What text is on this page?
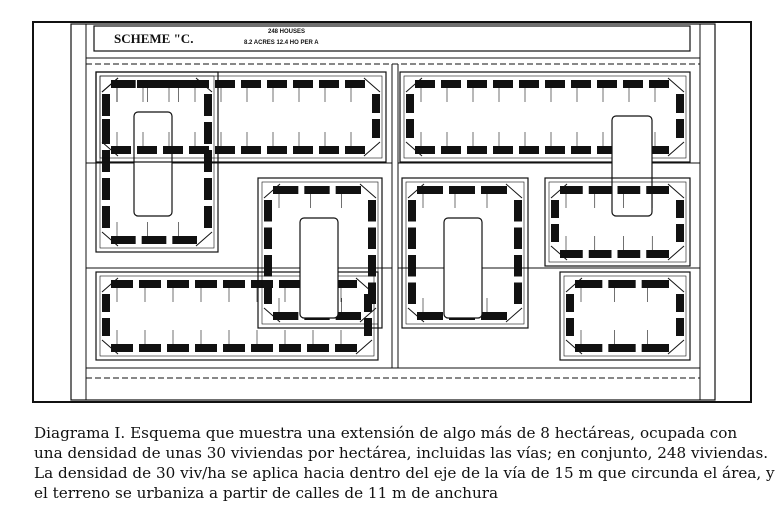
SCHEME "C.	248 HOUSES
8.2 ACRES 12.4 HO PER A

Diagrama I. Esquema que muestra una extensión de algo más de 8 hectáreas, ocupada con

una densidad de unas 30 viviendas por hectárea, incluidas las vías; en conjunto, 248 viviendas.

La densidad de 30 viv/ha se aplica hacia dentro del eje de la vía de 15 m que circunda el área, y

el terreno se urbaniza a partir de calles de 11 m de anchura
